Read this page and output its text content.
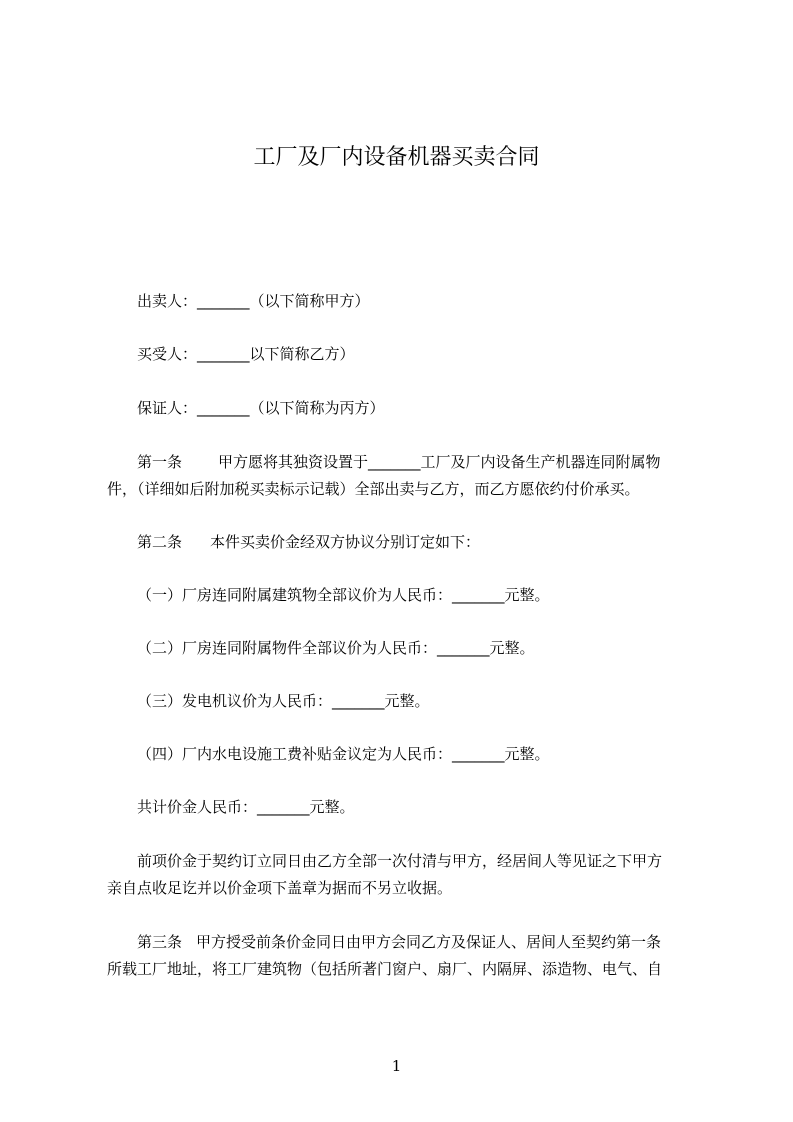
工厂及厂内设备机器买卖合同
出卖人：_______（以下简称甲方）
买受人：_______以下简称乙方）
保证人：_______（以下简称为丙方）
第一条 甲方愿将其独资设置于_______工厂及厂内设备生产机器连同附属物
件，（详细如后附加税买卖标示记载）全部出卖与乙方，而乙方愿依约付价承买。
第二条 本件买卖价金经双方协议分别订定如下：
（一）厂房连同附属建筑物全部议价为人民币：_______元整。
（二）厂房连同附属物件全部议价为人民币：_______元整。
（三）发电机议价为人民币：_______元整。
（四）厂内水电设施工费补贴金议定为人民币：_______元整。
共计价金人民币：_______元整。
前项价金于契约订立同日由乙方全部一次付清与甲方，经居间人等见证之下甲方
亲自点收足讫并以价金项下盖章为据而不另立收据。
第三条 甲方授受前条价金同日由甲方会同乙方及保证人、居间人至契约第一条
所载工厂地址，将工厂建筑物（包括所著门窗户、扇厂、内隔屏、添造物、电气、自
1
